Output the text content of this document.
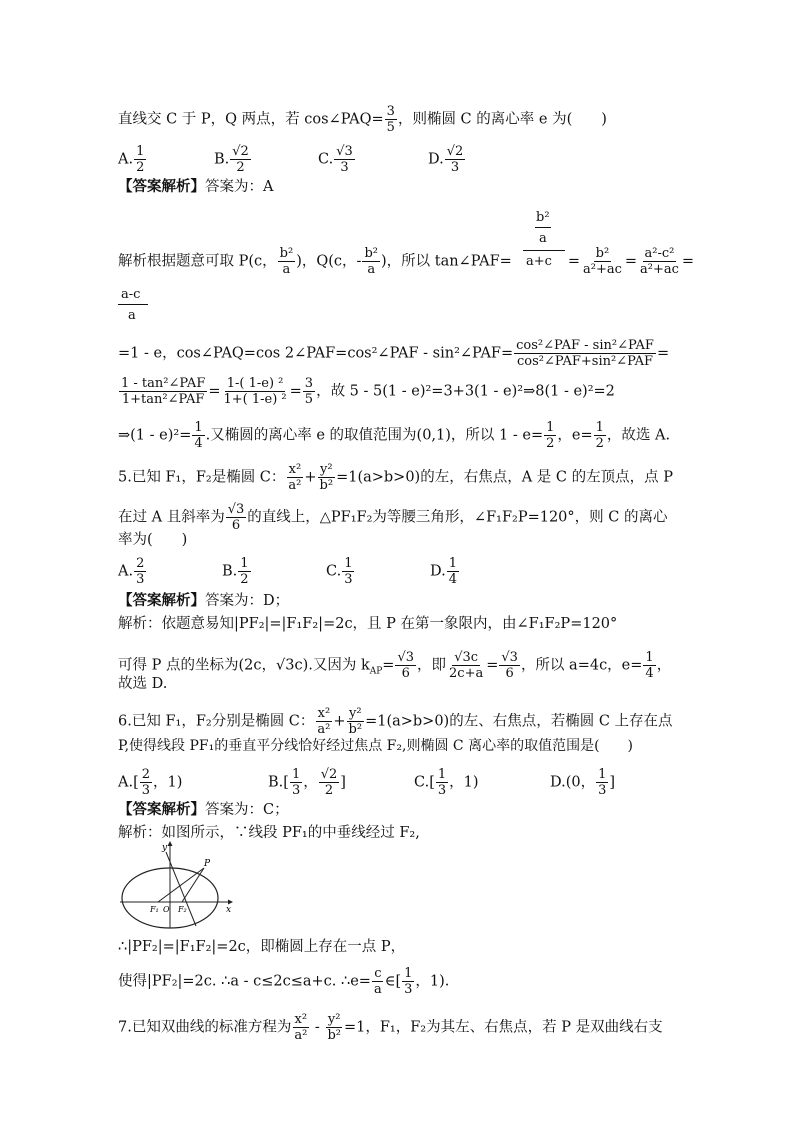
直线交 C 于 P，Q 两点，若 cos∠PAQ= $\frac{3}{5}$ ，则椭圆 C 的离心率 e 为(　　)
A. $\frac{1}{2}$	B. $\frac{√2}{2}$	C. $\frac{√3}{3}$	D. $\frac{√2}{3}$
【答案解析】答案为：A
解析根据题意可取 P(c， $\frac{\text{b²}}{a}$ )，Q(c，- $\frac{\text{b²}}{a}$ )，所以 tan∠PAF=	= $\frac{\text{b²}}{\text{a²+ac}} = \frac{\text{a²-c²}}{\text{a²+ac}}$ =
b²
a
a+c
a-c
a
=1 - e，cos∠PAQ=cos 2∠PAF=cos²∠PAF - sin²∠PAF= $\frac{\text{cos²∠PAF - sin²∠PAF}}{\text{cos²∠PAF+sin²∠PAF}}$ =
$\frac{\text{1 - tan²∠PAF}}{\text{1+tan²∠PAF}} = \frac{\text{1-( 1-e) ²}}{\text{1+( 1-e) ²}} = \frac{3}{5}$ ，故 5 - 5(1 - e)²=3+3(1 - e)²⇒8(1 - e)²=2
⇒(1 - $e)^2= \frac{1}{4}$ .又椭圆的离心率 e 的取值范围为(0,1)，所以 $1 - e= \frac{1}{2}$ ，$e= \frac{1}{2}$ ，故选 A.
5.已知 F₁，F₂是椭圆 C： $\frac{\text{x²}}{\text{a²}} + \frac{\text{y²}}{\text{b²}} =1(a>b>0)$的左，右焦点，A 是 C 的左顶点，点 P
在过 A 且斜率为 $\frac{√3}{6}$ 的直线上，△PF₁F₂为等腰三角形，∠F₁F₂P=120°，则 C 的离心
率为(　　)
A. $\frac{2}{3}$	B. $\frac{1}{2}$	C. $\frac{1}{3}$	D. $\frac{1}{4}$
【答案解析】答案为：D；
解析：依题意易知|PF₂|=|F₁F₂|=2c，且 P 在第一象限内，由∠F₁F₂P=120°
可得 P 点的坐标为(2c，√3c).又因为 $k_{AP}= \frac{√3}{6}$ ，即 $\frac{√3c}{2c+a} = \frac{√3}{6}$ ，所以 a=4c，$e= \frac{1}{4}$ ，
故选 D.
6.已知 F₁，F₂分别是椭圆 C： $\frac{\text{x²}}{\text{a²}} + \frac{\text{y²}}{\text{b²}} =1(a>b>0)$的左、右焦点，若椭圆 C 上存在点
P,使得线段 PF₁的垂直平分线恰好经过焦点 F₂,则椭圆 C 离心率的取值范围是(　　)
$A.[ \frac{2}{3}$ ，1)	$B.[ \frac{1}{3}$ ， $\frac{√2}{2}$ ]	$C.[ \frac{1}{3}$ ，1)	D.(0， $\frac{1}{3}$ ]
【答案解析】答案为：C；
解析：如图所示，∵线段 PF₁的中垂线经过 F₂,
y
x
P
F₁ O F₂
∴|PF₂|=|F₁F₂|=2c，即椭圆上存在一点 P，
使得|PF₂|=2c. ∴a - c≤2c≤a+c. ∴e= $\frac{c}{a}$ ∈[ $\frac{1}{3}$ ，1).
7.已知双曲线的标准方程为 $\frac{\text{x²}}{\text{a²}} - \frac{\text{y²}}{\text{b²}} =1$，F₁，F₂为其左、右焦点，若 P 是双曲线右支
